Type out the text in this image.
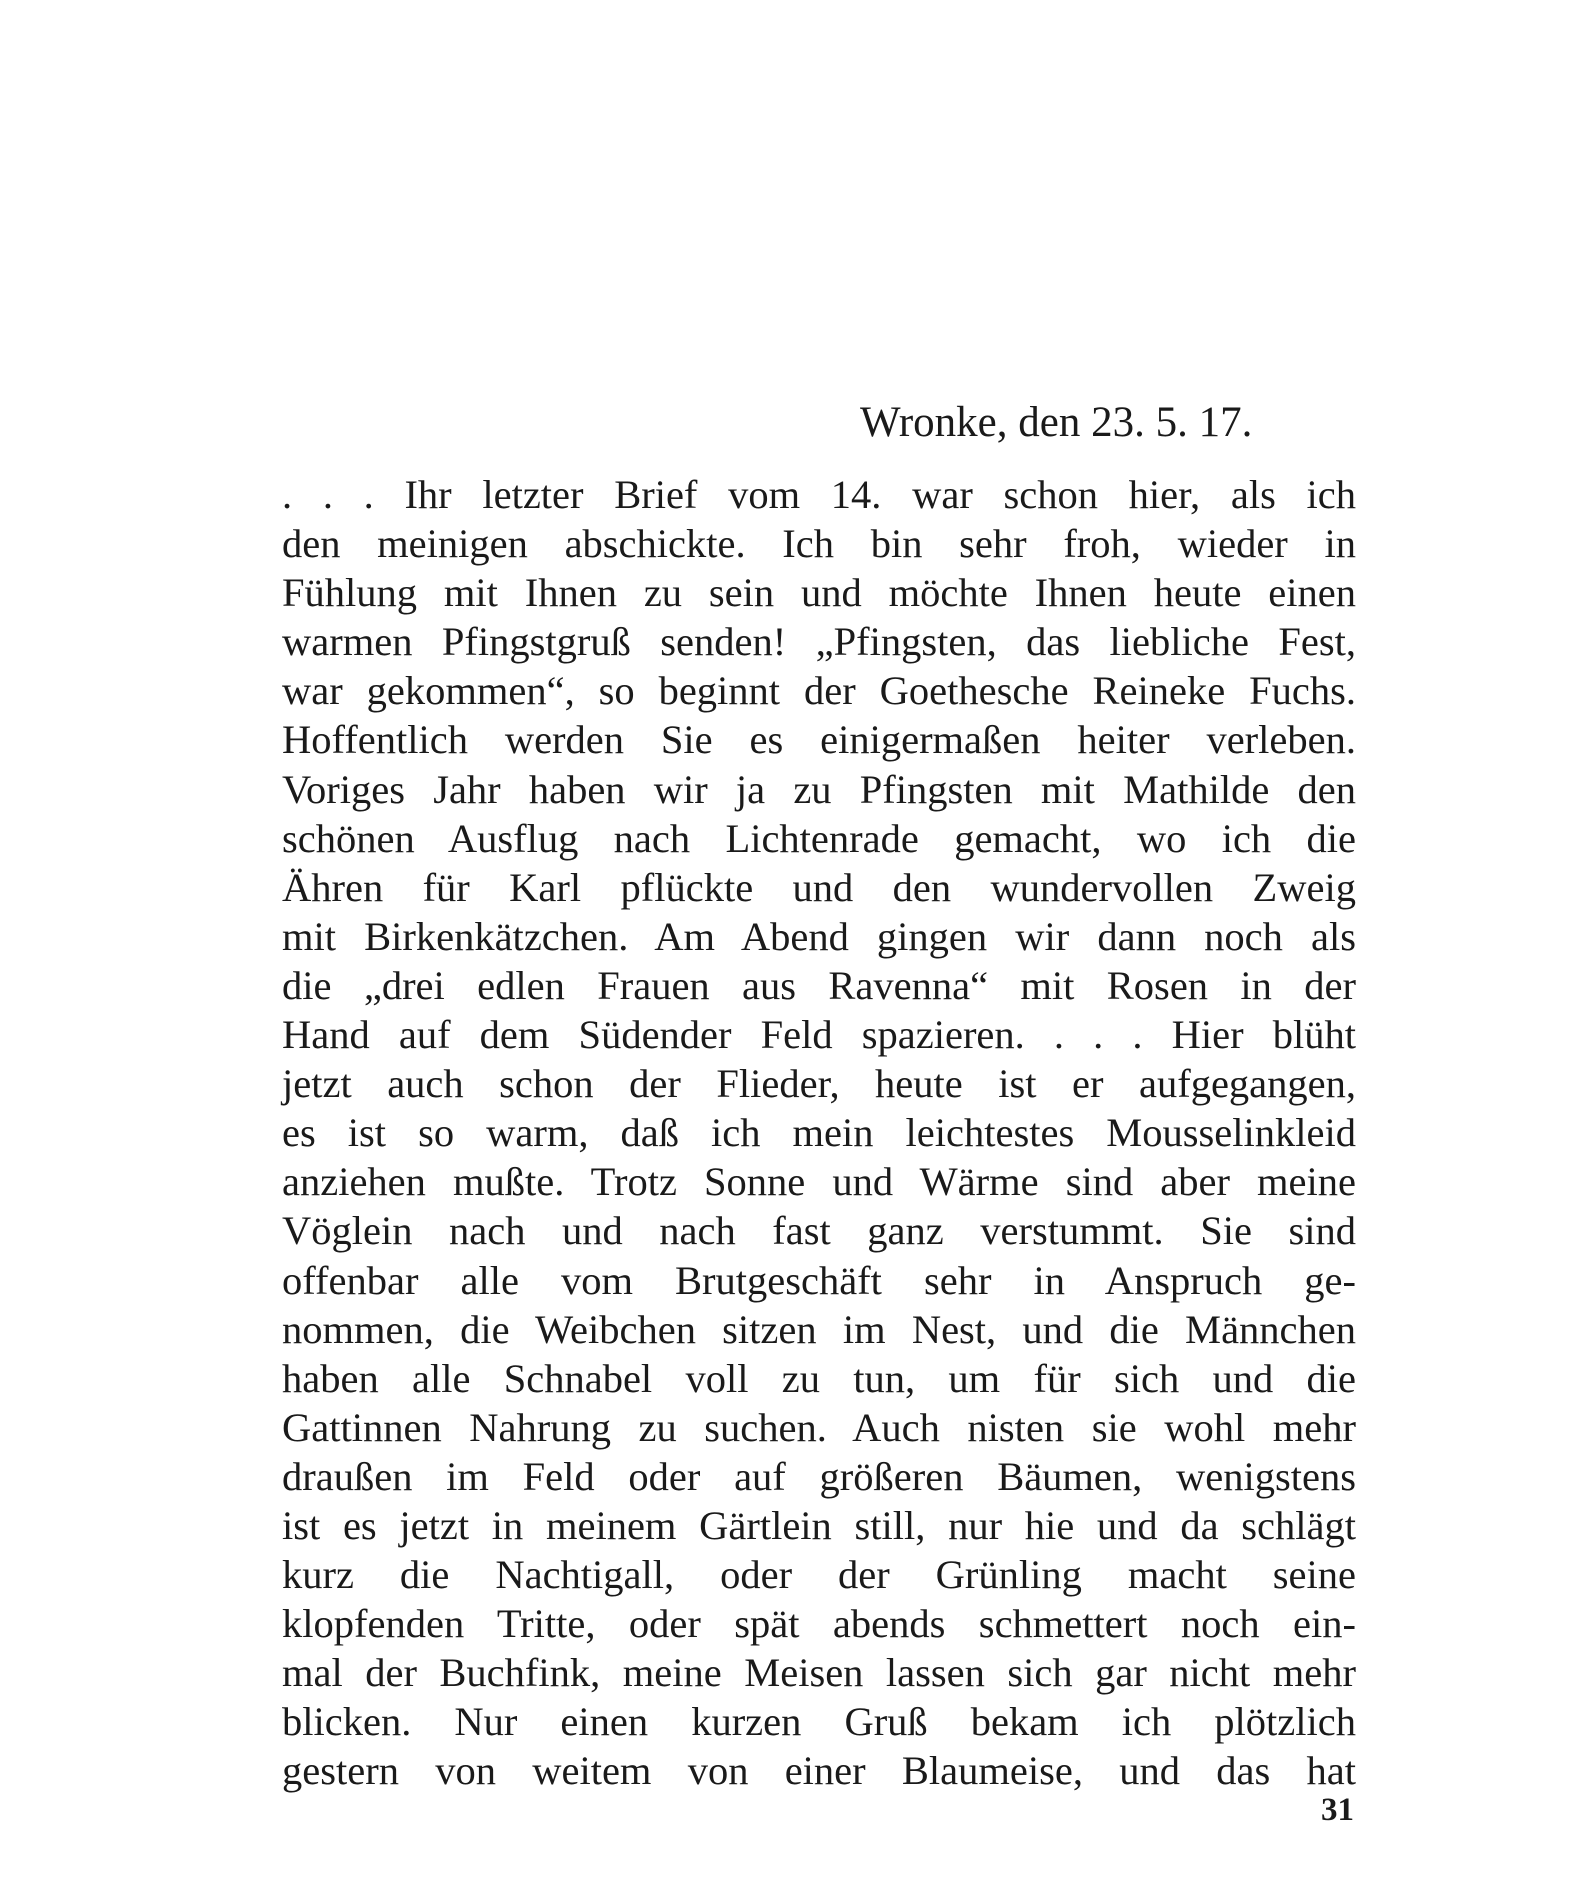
Wronke, den 23. 5. 17.
. . . Ihr letzter Brief vom 14. war schon hier, als ich
den meinigen abschickte. Ich bin sehr froh, wieder in
Fühlung mit Ihnen zu sein und möchte Ihnen heute einen
warmen Pfingstgruß senden! „Pfingsten, das liebliche Fest,
war gekommen“, so beginnt der Goethesche Reineke Fuchs.
Hoffentlich werden Sie es einigermaßen heiter verleben.
Voriges Jahr haben wir ja zu Pfingsten mit Mathilde den
schönen Ausflug nach Lichtenrade gemacht, wo ich die
Ähren für Karl pflückte und den wundervollen Zweig
mit Birkenkätzchen. Am Abend gingen wir dann noch als
die „drei edlen Frauen aus Ravenna“ mit Rosen in der
Hand auf dem Südender Feld spazieren. . . . Hier blüht
jetzt auch schon der Flieder, heute ist er aufgegangen,
es ist so warm, daß ich mein leichtestes Mousselinkleid
anziehen mußte. Trotz Sonne und Wärme sind aber meine
Vöglein nach und nach fast ganz verstummt. Sie sind
offenbar alle vom Brutgeschäft sehr in Anspruch ge-
nommen, die Weibchen sitzen im Nest, und die Männchen
haben alle Schnabel voll zu tun, um für sich und die
Gattinnen Nahrung zu suchen. Auch nisten sie wohl mehr
draußen im Feld oder auf größeren Bäumen, wenigstens
ist es jetzt in meinem Gärtlein still, nur hie und da schlägt
kurz die Nachtigall, oder der Grünling macht seine
klopfenden Tritte, oder spät abends schmettert noch ein-
mal der Buchfink, meine Meisen lassen sich gar nicht mehr
blicken. Nur einen kurzen Gruß bekam ich plötzlich
gestern von weitem von einer Blaumeise, und das hat
31
